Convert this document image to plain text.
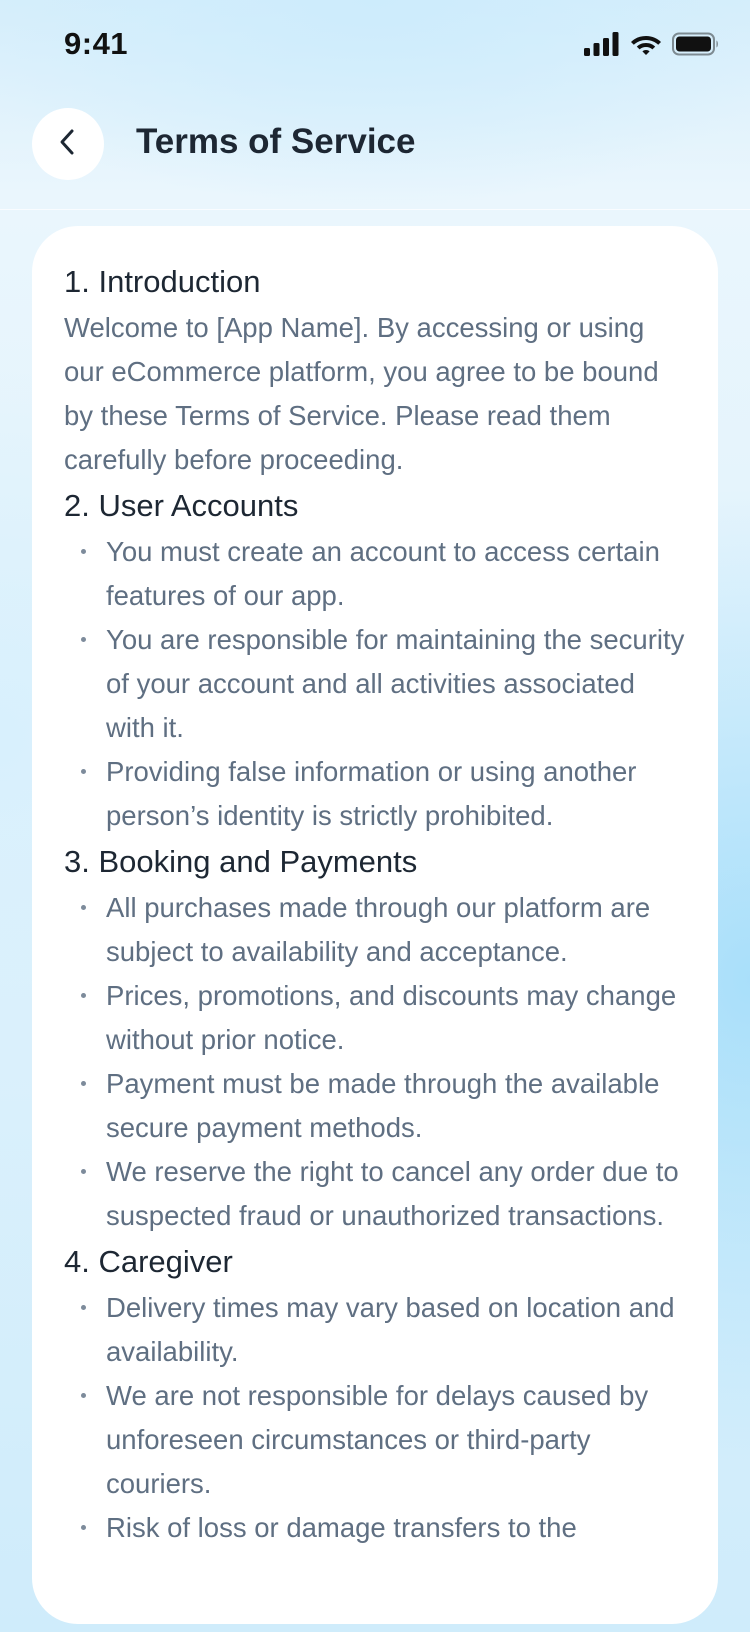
9:41
Terms of Service
1. Introduction

Welcome to [App Name]. By accessing or using our eCommerce platform, you agree to be bound by these Terms of Service. Please read them carefully before proceeding.

2. User Accounts
You must create an account to access certain features of our app.
You are responsible for maintaining the security of your account and all activities associated with it.
Providing false information or using another person’s identity is strictly prohibited.
3. Booking and Payments
All purchases made through our platform are subject to availability and acceptance.
Prices, promotions, and discounts may change without prior notice.
Payment must be made through the available secure payment methods.
We reserve the right to cancel any order due to suspected fraud or unauthorized transactions.
4. Caregiver
Delivery times may vary based on location and availability.
We are not responsible for delays caused by unforeseen circumstances or third-party couriers.
Risk of loss or damage transfers to the
